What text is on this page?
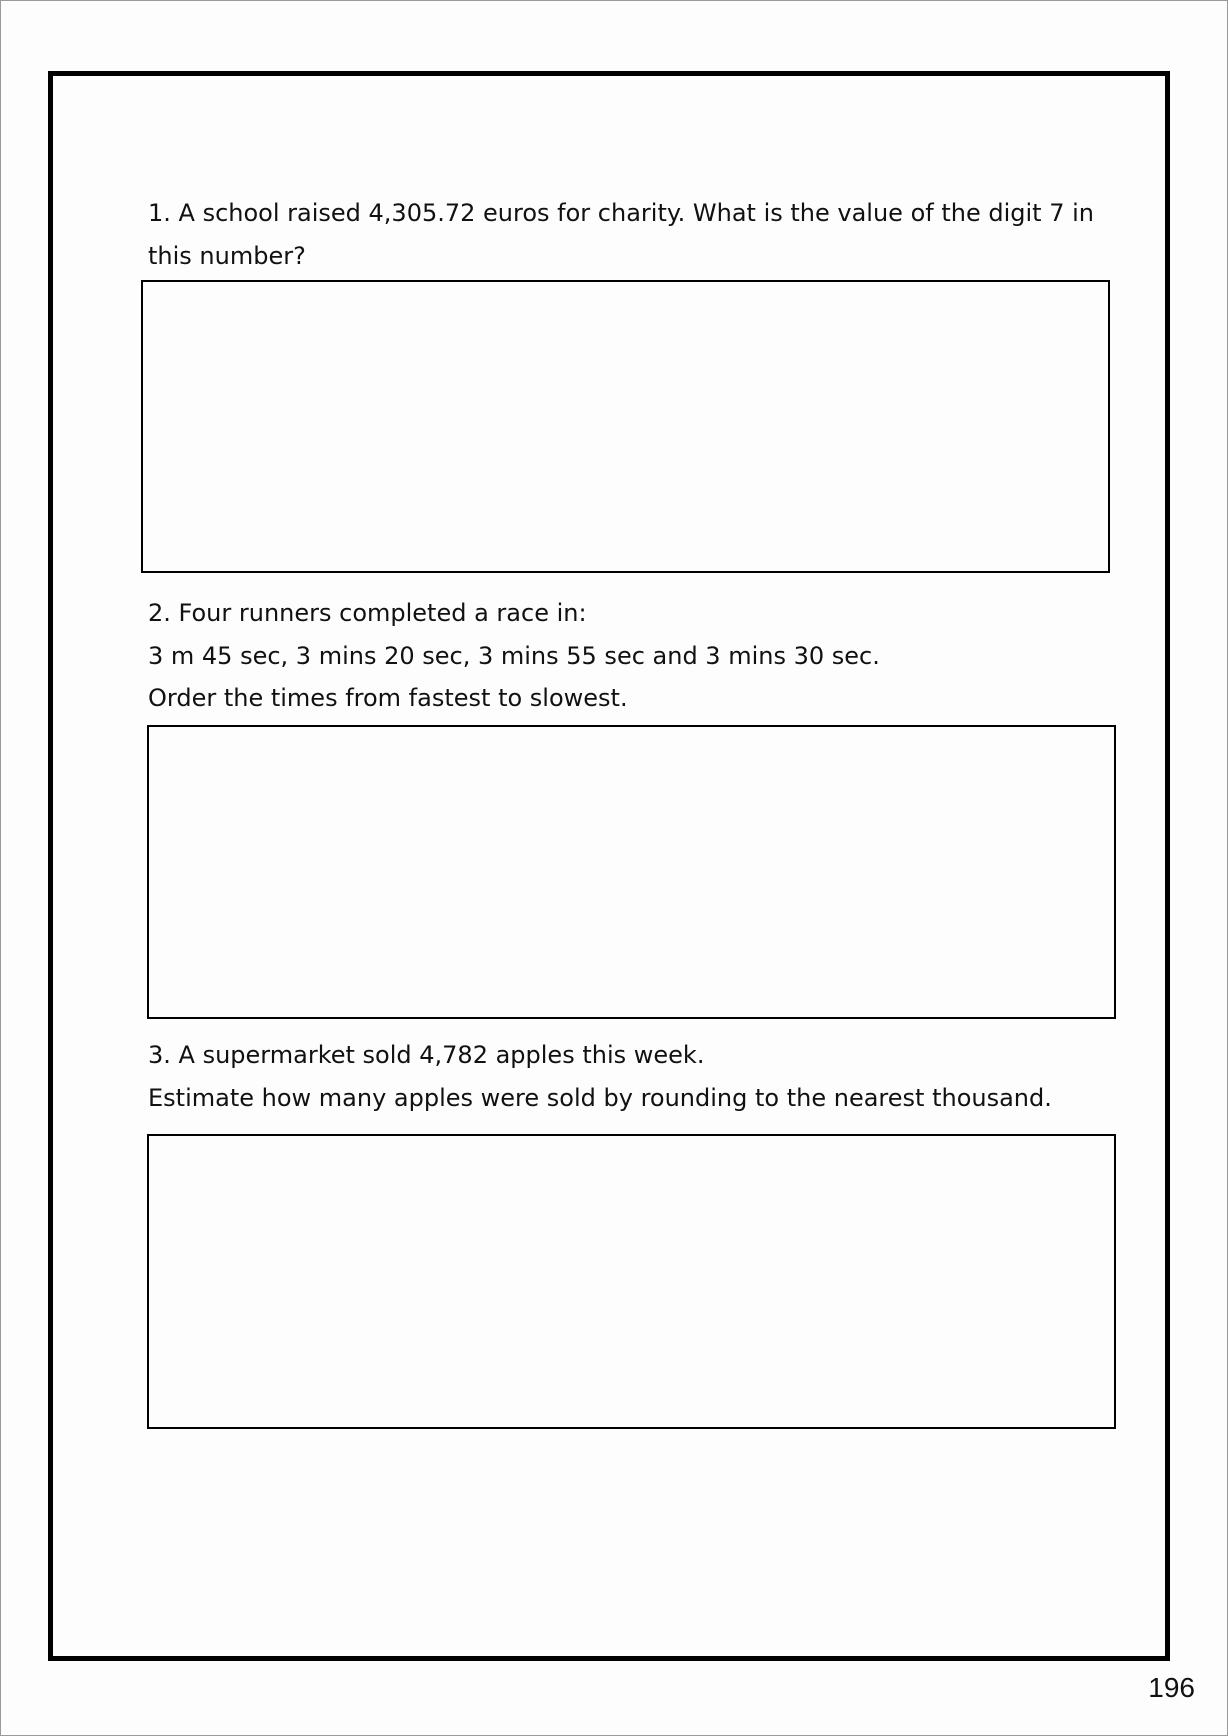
1. A school raised 4,305.72 euros for charity. What is the value of the digit 7 in

this number?

2. Four runners completed a race in:

3 m 45 sec, 3 mins 20 sec, 3 mins 55 sec and 3 mins 30 sec.

Order the times from fastest to slowest.

3. A supermarket sold 4,782 apples this week.

Estimate how many apples were sold by rounding to the nearest thousand.

196
